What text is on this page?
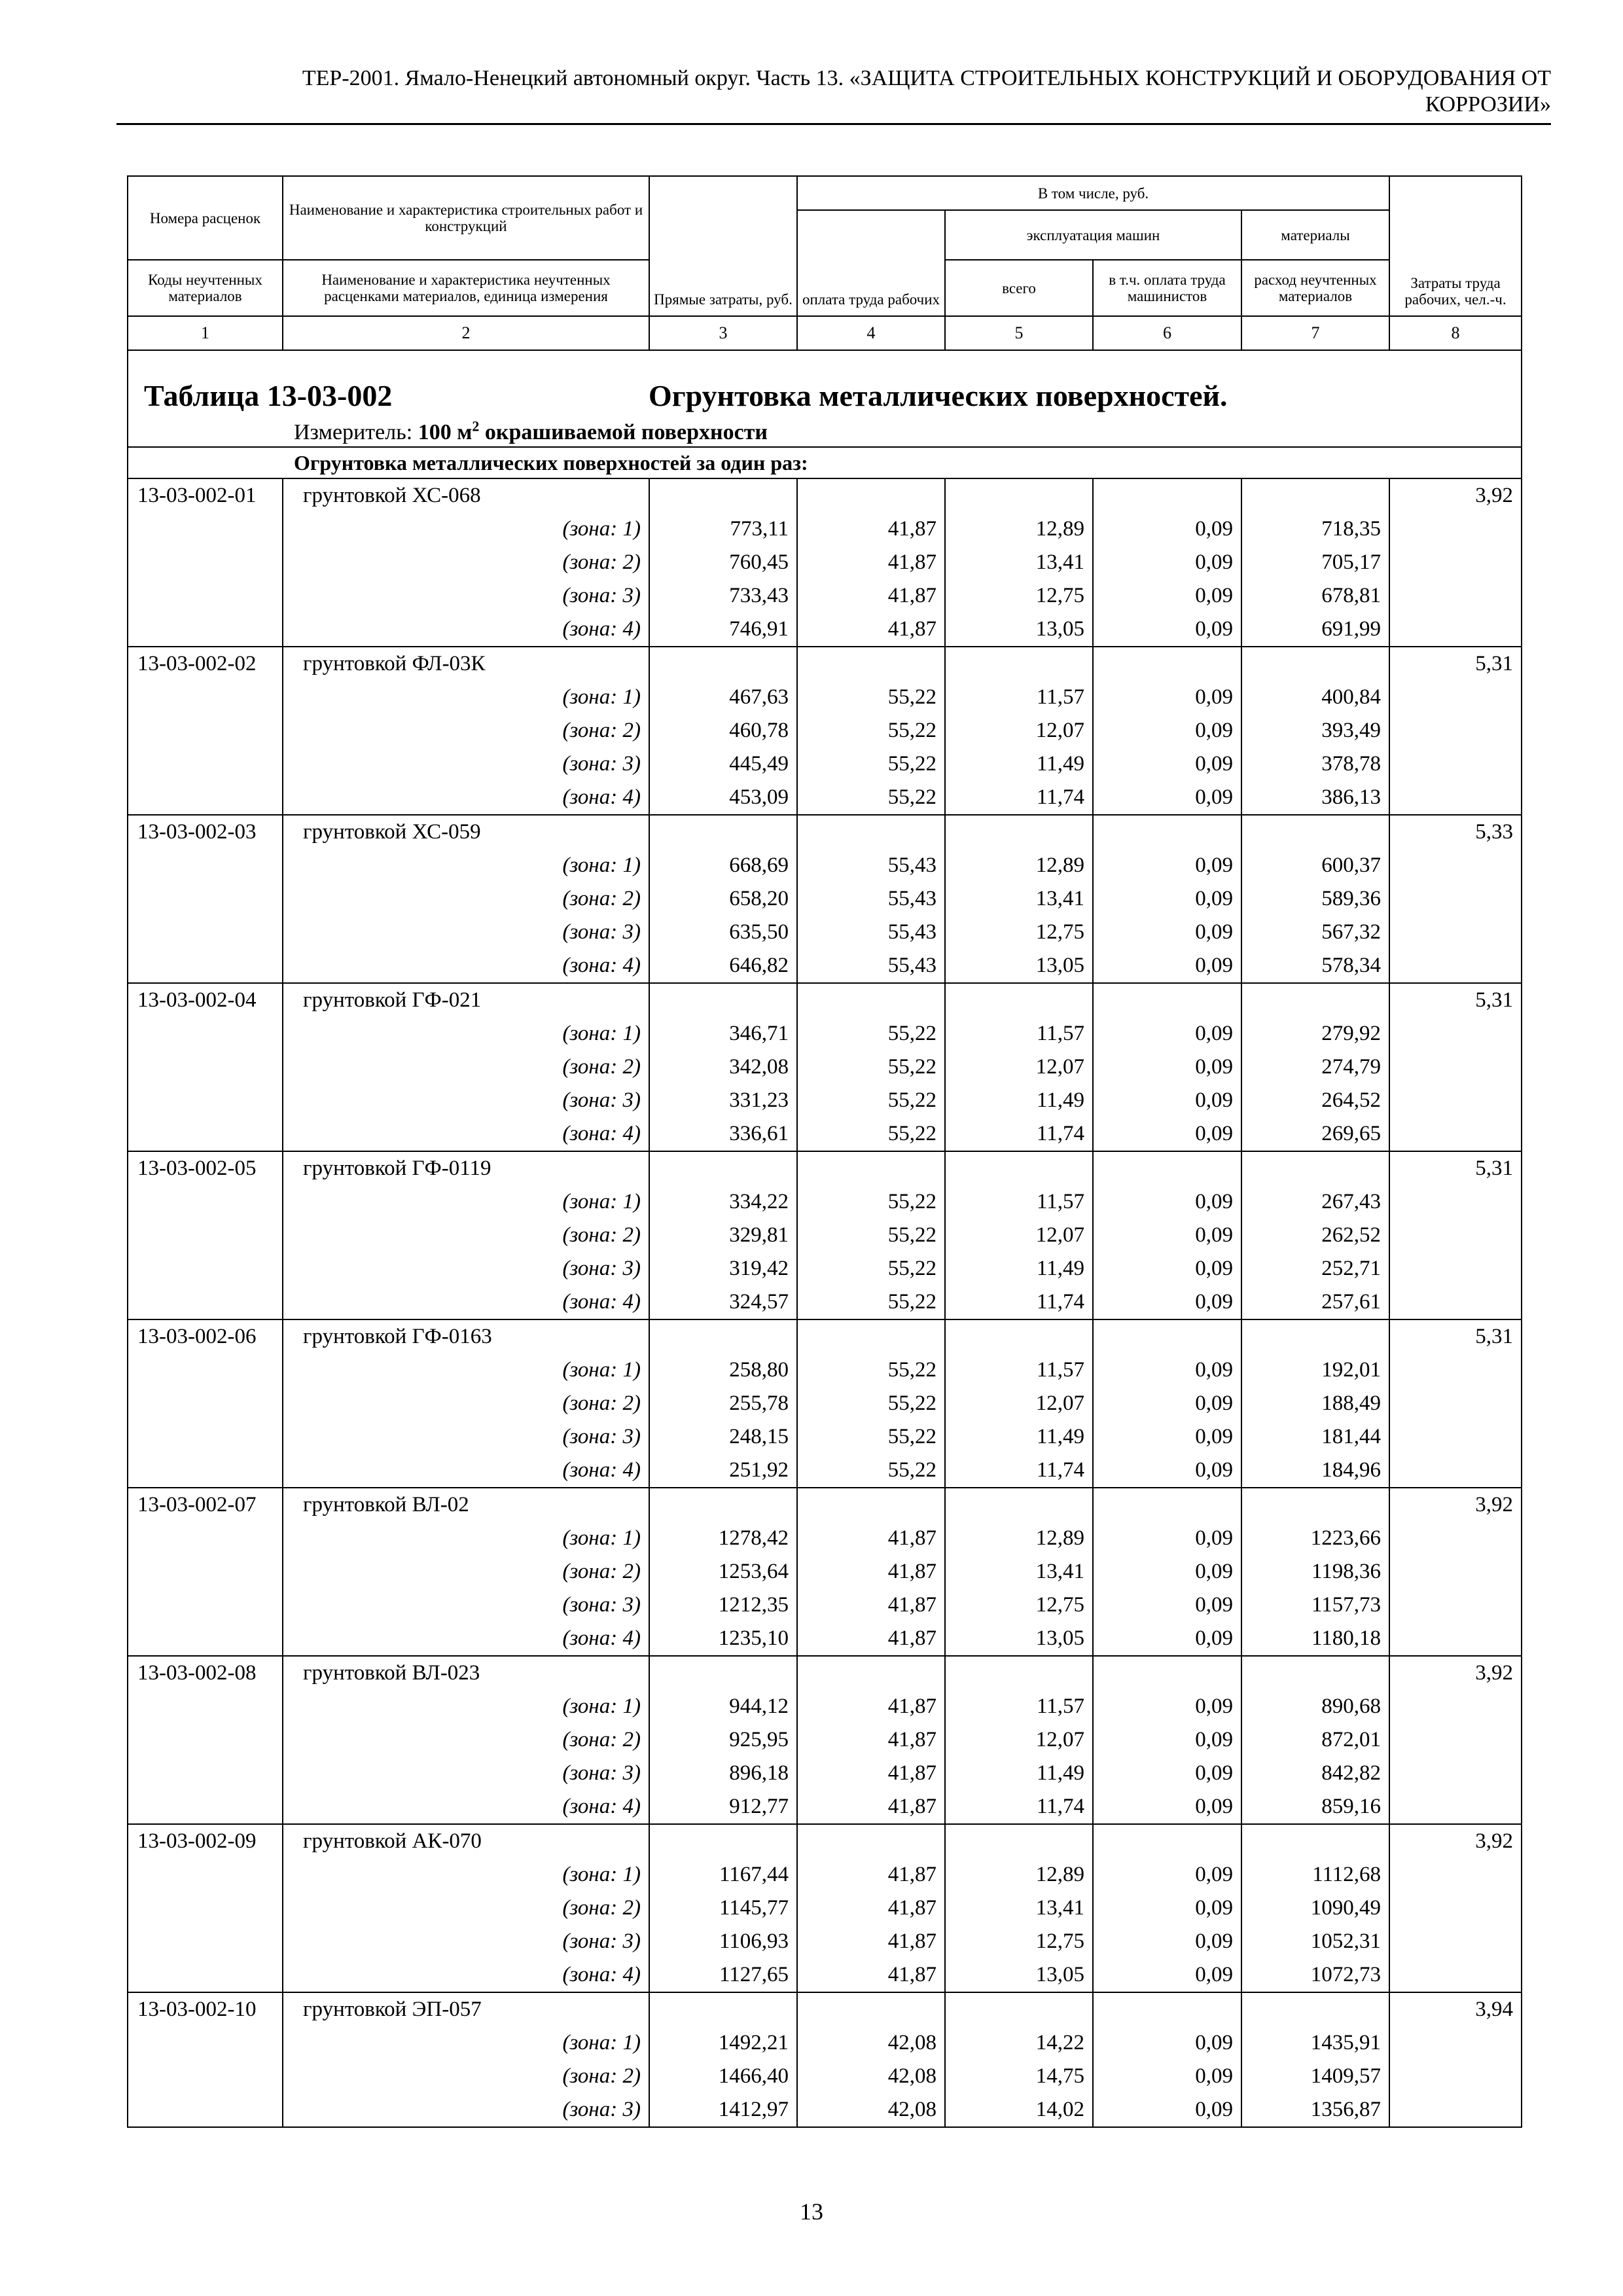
ТЕР-2001. Ямало-Ненецкий автономный округ. Часть 13. «ЗАЩИТА СТРОИТЕЛЬНЫХ КОНСТРУКЦИЙ И ОБОРУДОВАНИЯ ОТ
КОРРОЗИИ»
Номера расценок	Наименование и характеристика строительных работ и конструкций	Прямые затраты, руб.	В том числе, руб.				Затраты труда рабочих, чел.-ч.
			оплата труда рабочих	эксплуатация машин		материалы	
Коды неучтенных материалов	Наименование и характеристика неучтенных расценками материалов, единица измерения			всего	в т.ч. оплата труда машинистов	расход неучтенных материалов	
1	2	3	4	5	6	7	8

Таблица 13-03-002 Огрунтовка металлических поверхностей.							

Измеритель: 100 $м^2$ окрашиваемой поверхности							
Огрунтовка металлических поверхностей за один раз:							
13-03-002-01	грунтовкой ХС-068						3,92
	(зона: 1)	773,11	41,87	12,89	0,09	718,35	
	(зона: 2)	760,45	41,87	13,41	0,09	705,17	
	(зона: 3)	733,43	41,87	12,75	0,09	678,81	
	(зона: 4)	746,91	41,87	13,05	0,09	691,99	
13-03-002-02	грунтовкой ФЛ-03К						5,31
	(зона: 1)	467,63	55,22	11,57	0,09	400,84	
	(зона: 2)	460,78	55,22	12,07	0,09	393,49	
	(зона: 3)	445,49	55,22	11,49	0,09	378,78	
	(зона: 4)	453,09	55,22	11,74	0,09	386,13	
13-03-002-03	грунтовкой ХС-059						5,33
	(зона: 1)	668,69	55,43	12,89	0,09	600,37	
	(зона: 2)	658,20	55,43	13,41	0,09	589,36	
	(зона: 3)	635,50	55,43	12,75	0,09	567,32	
	(зона: 4)	646,82	55,43	13,05	0,09	578,34	
13-03-002-04	грунтовкой ГФ-021						5,31
	(зона: 1)	346,71	55,22	11,57	0,09	279,92	
	(зона: 2)	342,08	55,22	12,07	0,09	274,79	
	(зона: 3)	331,23	55,22	11,49	0,09	264,52	
	(зона: 4)	336,61	55,22	11,74	0,09	269,65	
13-03-002-05	грунтовкой ГФ-0119						5,31
	(зона: 1)	334,22	55,22	11,57	0,09	267,43	
	(зона: 2)	329,81	55,22	12,07	0,09	262,52	
	(зона: 3)	319,42	55,22	11,49	0,09	252,71	
	(зона: 4)	324,57	55,22	11,74	0,09	257,61	
13-03-002-06	грунтовкой ГФ-0163						5,31
	(зона: 1)	258,80	55,22	11,57	0,09	192,01	
	(зона: 2)	255,78	55,22	12,07	0,09	188,49	
	(зона: 3)	248,15	55,22	11,49	0,09	181,44	
	(зона: 4)	251,92	55,22	11,74	0,09	184,96	
13-03-002-07	грунтовкой ВЛ-02						3,92
	(зона: 1)	1278,42	41,87	12,89	0,09	1223,66	
	(зона: 2)	1253,64	41,87	13,41	0,09	1198,36	
	(зона: 3)	1212,35	41,87	12,75	0,09	1157,73	
	(зона: 4)	1235,10	41,87	13,05	0,09	1180,18	
13-03-002-08	грунтовкой ВЛ-023						3,92
	(зона: 1)	944,12	41,87	11,57	0,09	890,68	
	(зона: 2)	925,95	41,87	12,07	0,09	872,01	
	(зона: 3)	896,18	41,87	11,49	0,09	842,82	
	(зона: 4)	912,77	41,87	11,74	0,09	859,16	
13-03-002-09	грунтовкой АК-070						3,92
	(зона: 1)	1167,44	41,87	12,89	0,09	1112,68	
	(зона: 2)	1145,77	41,87	13,41	0,09	1090,49	
	(зона: 3)	1106,93	41,87	12,75	0,09	1052,31	
	(зона: 4)	1127,65	41,87	13,05	0,09	1072,73	
13-03-002-10	грунтовкой ЭП-057						3,94
	(зона: 1)	1492,21	42,08	14,22	0,09	1435,91	
	(зона: 2)	1466,40	42,08	14,75	0,09	1409,57	
	(зона: 3)	1412,97	42,08	14,02	0,09	1356,87	
13
